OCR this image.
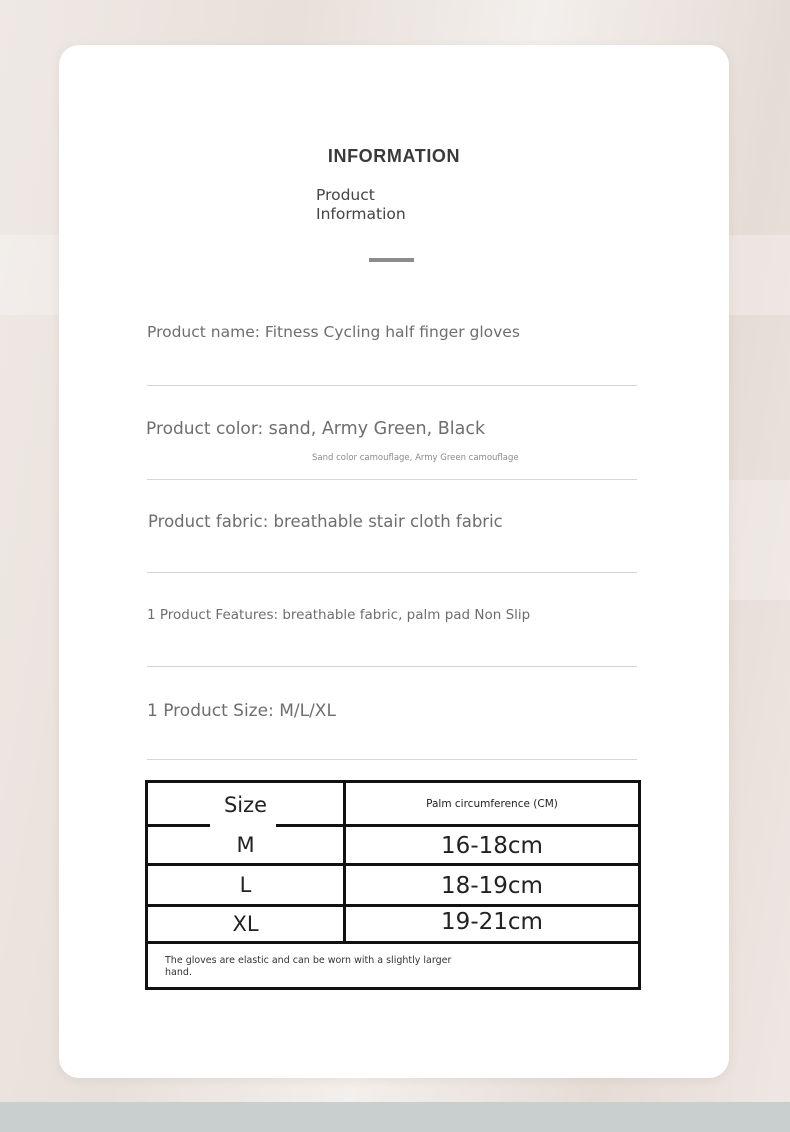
INFORMATION
Product Information

Product name: Fitness Cycling half finger gloves

Product color: sand, Army Green, Black

Sand color camouflage, Army Green camouflage

Product fabric: breathable stair cloth fabric

1 Product Features: breathable fabric, palm pad Non Slip

1 Product Size: M/L/XL

Size	Palm circumference (CM)
M	16-18cm
L	18-19cm
XL	19-21cm
The gloves are elastic and can be worn with a slightly larger hand.
